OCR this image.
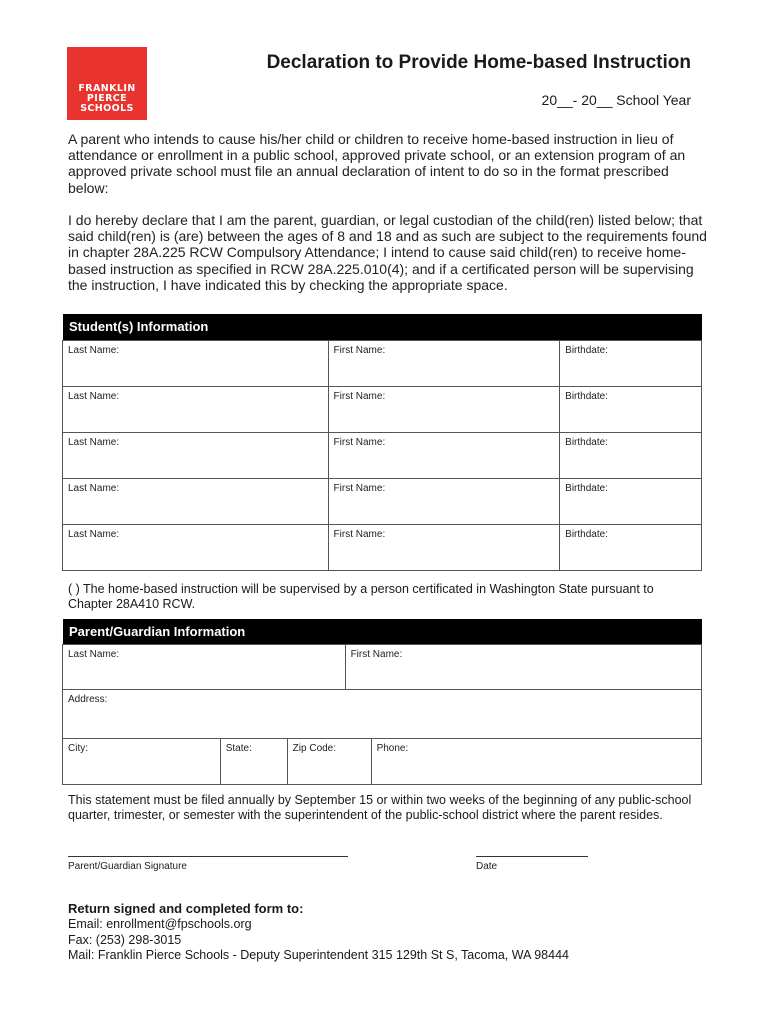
FRANKLIN
PIERCE
SCHOOLS
Declaration to Provide Home-based Instruction
20__- 20__ School Year
A parent who intends to cause his/her child or children to receive home-based instruction in lieu of attendance or enrollment in a public school, approved private school, or an extension program of an approved private school must file an annual declaration of intent to do so in the format prescribed below:
I do hereby declare that I am the parent, guardian, or legal custodian of the child(ren) listed below; that said child(ren) is (are) between the ages of 8 and 18 and as such are subject to the requirements found in chapter 28A.225 RCW Compulsory Attendance; I intend to cause said child(ren) to receive home-based instruction as specified in RCW 28A.225.010(4); and if a certificated person will be supervising the instruction, I have indicated this by checking the appropriate space.
Student(s) Information
Last Name:	First Name:	Birthdate:
Last Name:	First Name:	Birthdate:
Last Name:	First Name:	Birthdate:
Last Name:	First Name:	Birthdate:
Last Name:	First Name:	Birthdate:
( ) The home-based instruction will be supervised by a person certificated in Washington State pursuant to Chapter 28A410 RCW.
Parent/Guardian Information
Last Name:	First Name:
Address:
City:	State:	Zip Code:	Phone:
This statement must be filed annually by September 15 or within two weeks of the beginning of any public-school quarter, trimester, or semester with the superintendent of the public-school district where the parent resides.
Parent/Guardian Signature	Date
Return signed and completed form to:
Email: enrollment@fpschools.org
Fax: (253) 298-3015
Mail: Franklin Pierce Schools - Deputy Superintendent 315 129th St S, Tacoma, WA 98444
